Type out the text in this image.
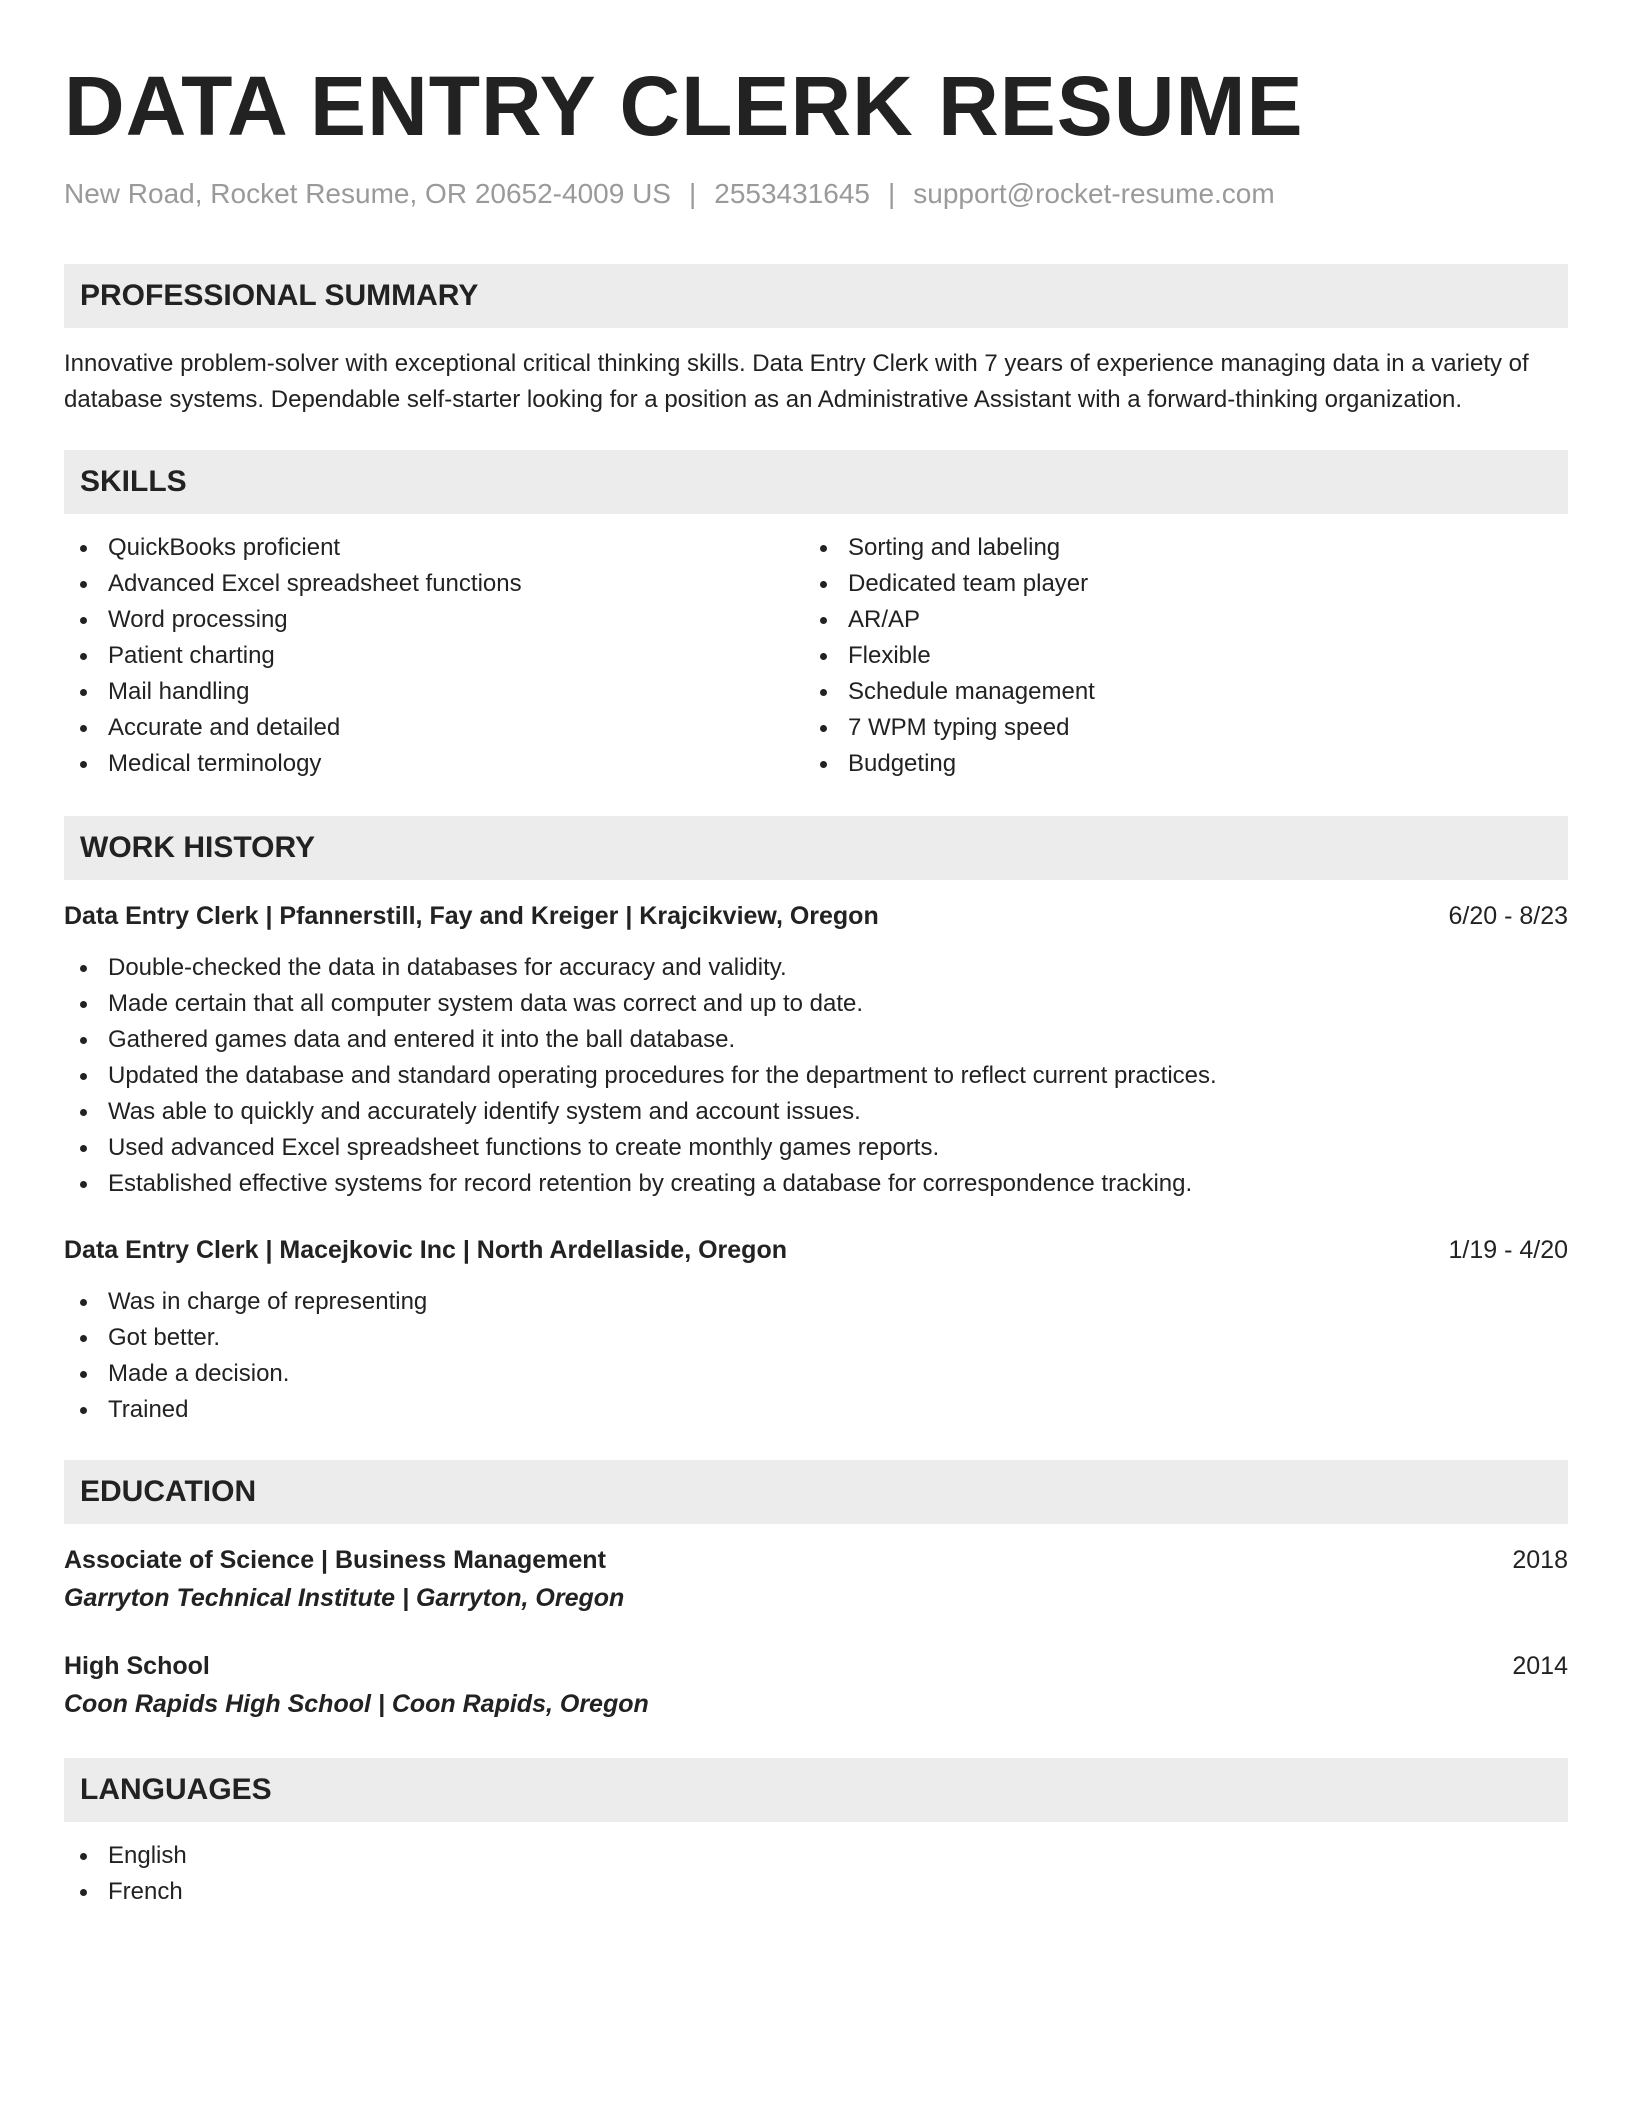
DATA ENTRY CLERK RESUME
New Road, Rocket Resume, OR 20652-4009 US | 2553431645 | support@rocket-resume.com
PROFESSIONAL SUMMARY
Innovative problem-solver with exceptional critical thinking skills. Data Entry Clerk with 7 years of experience managing data in a variety of database systems. Dependable self-starter looking for a position as an Administrative Assistant with a forward-thinking organization.
SKILLS
QuickBooks proficient
Advanced Excel spreadsheet functions
Word processing
Patient charting
Mail handling
Accurate and detailed
Medical terminology
Sorting and labeling
Dedicated team player
AR/AP
Flexible
Schedule management
7 WPM typing speed
Budgeting
WORK HISTORY
Data Entry Clerk | Pfannerstill, Fay and Kreiger | Krajcikview, Oregon	6/20 - 8/23
Double-checked the data in databases for accuracy and validity.
Made certain that all computer system data was correct and up to date.
Gathered games data and entered it into the ball database.
Updated the database and standard operating procedures for the department to reflect current practices.
Was able to quickly and accurately identify system and account issues.
Used advanced Excel spreadsheet functions to create monthly games reports.
Established effective systems for record retention by creating a database for correspondence tracking.
Data Entry Clerk | Macejkovic Inc | North Ardellaside, Oregon	1/19 - 4/20
Was in charge of representing
Got better.
Made a decision.
Trained
EDUCATION
Associate of Science | Business Management	2018
Garryton Technical Institute | Garryton, Oregon
High School	2014
Coon Rapids High School | Coon Rapids, Oregon
LANGUAGES
English
French
